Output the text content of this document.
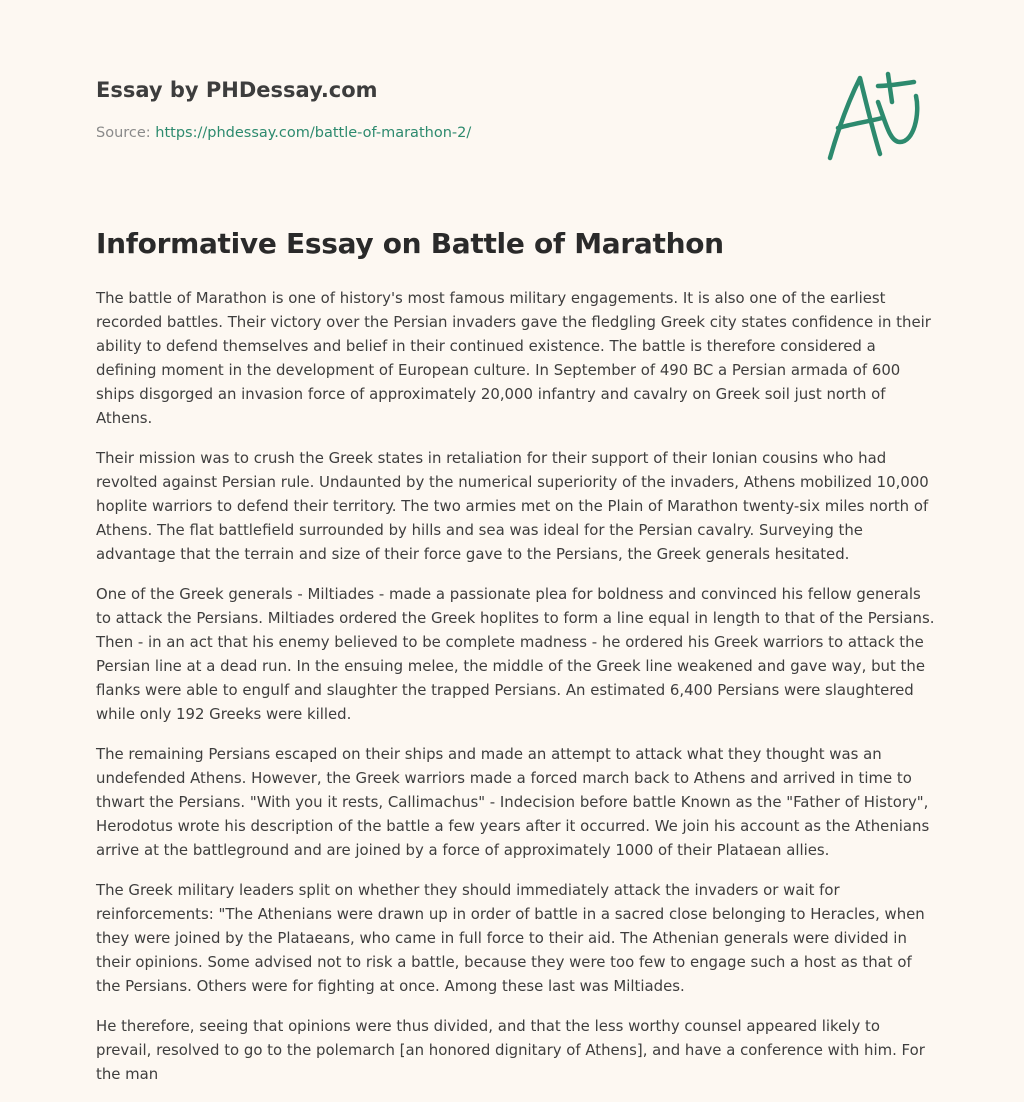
Essay by PHDessay.com
Source: https://phdessay.com/battle-of-marathon-2/
Informative Essay on Battle of Marathon

The battle of Marathon is one of history's most famous military engagements. It is also one of the earliest recorded battles. Their victory over the Persian invaders gave the fledgling Greek city states confidence in their ability to defend themselves and belief in their continued existence. The battle is therefore considered a defining moment in the development of European culture. In September of 490 BC a Persian armada of 600 ships disgorged an invasion force of approximately 20,000 infantry and cavalry on Greek soil just north of Athens.

Their mission was to crush the Greek states in retaliation for their support of their Ionian cousins who had revolted against Persian rule. Undaunted by the numerical superiority of the invaders, Athens mobilized 10,000 hoplite warriors to defend their territory. The two armies met on the Plain of Marathon twenty-six miles north of Athens. The flat battlefield surrounded by hills and sea was ideal for the Persian cavalry. Surveying the advantage that the terrain and size of their force gave to the Persians, the Greek generals hesitated.

One of the Greek generals - Miltiades - made a passionate plea for boldness and convinced his fellow generals to attack the Persians. Miltiades ordered the Greek hoplites to form a line equal in length to that of the Persians. Then - in an act that his enemy believed to be complete madness - he ordered his Greek warriors to attack the Persian line at a dead run. In the ensuing melee, the middle of the Greek line weakened and gave way, but the flanks were able to engulf and slaughter the trapped Persians. An estimated 6,400 Persians were slaughtered while only 192 Greeks were killed.

The remaining Persians escaped on their ships and made an attempt to attack what they thought was an undefended Athens. However, the Greek warriors made a forced march back to Athens and arrived in time to thwart the Persians. "With you it rests, Callimachus" - Indecision before battle Known as the "Father of History", Herodotus wrote his description of the battle a few years after it occurred. We join his account as the Athenians arrive at the battleground and are joined by a force of approximately 1000 of their Plataean allies.

The Greek military leaders split on whether they should immediately attack the invaders or wait for reinforcements: "The Athenians were drawn up in order of battle in a sacred close belonging to Heracles, when they were joined by the Plataeans, who came in full force to their aid. The Athenian generals were divided in their opinions. Some advised not to risk a battle, because they were too few to engage such a host as that of the Persians. Others were for fighting at once. Among these last was Miltiades.

He therefore, seeing that opinions were thus divided, and that the less worthy counsel appeared likely to prevail, resolved to go to the polemarch [an honored dignitary of Athens], and have a conference with him. For the man
